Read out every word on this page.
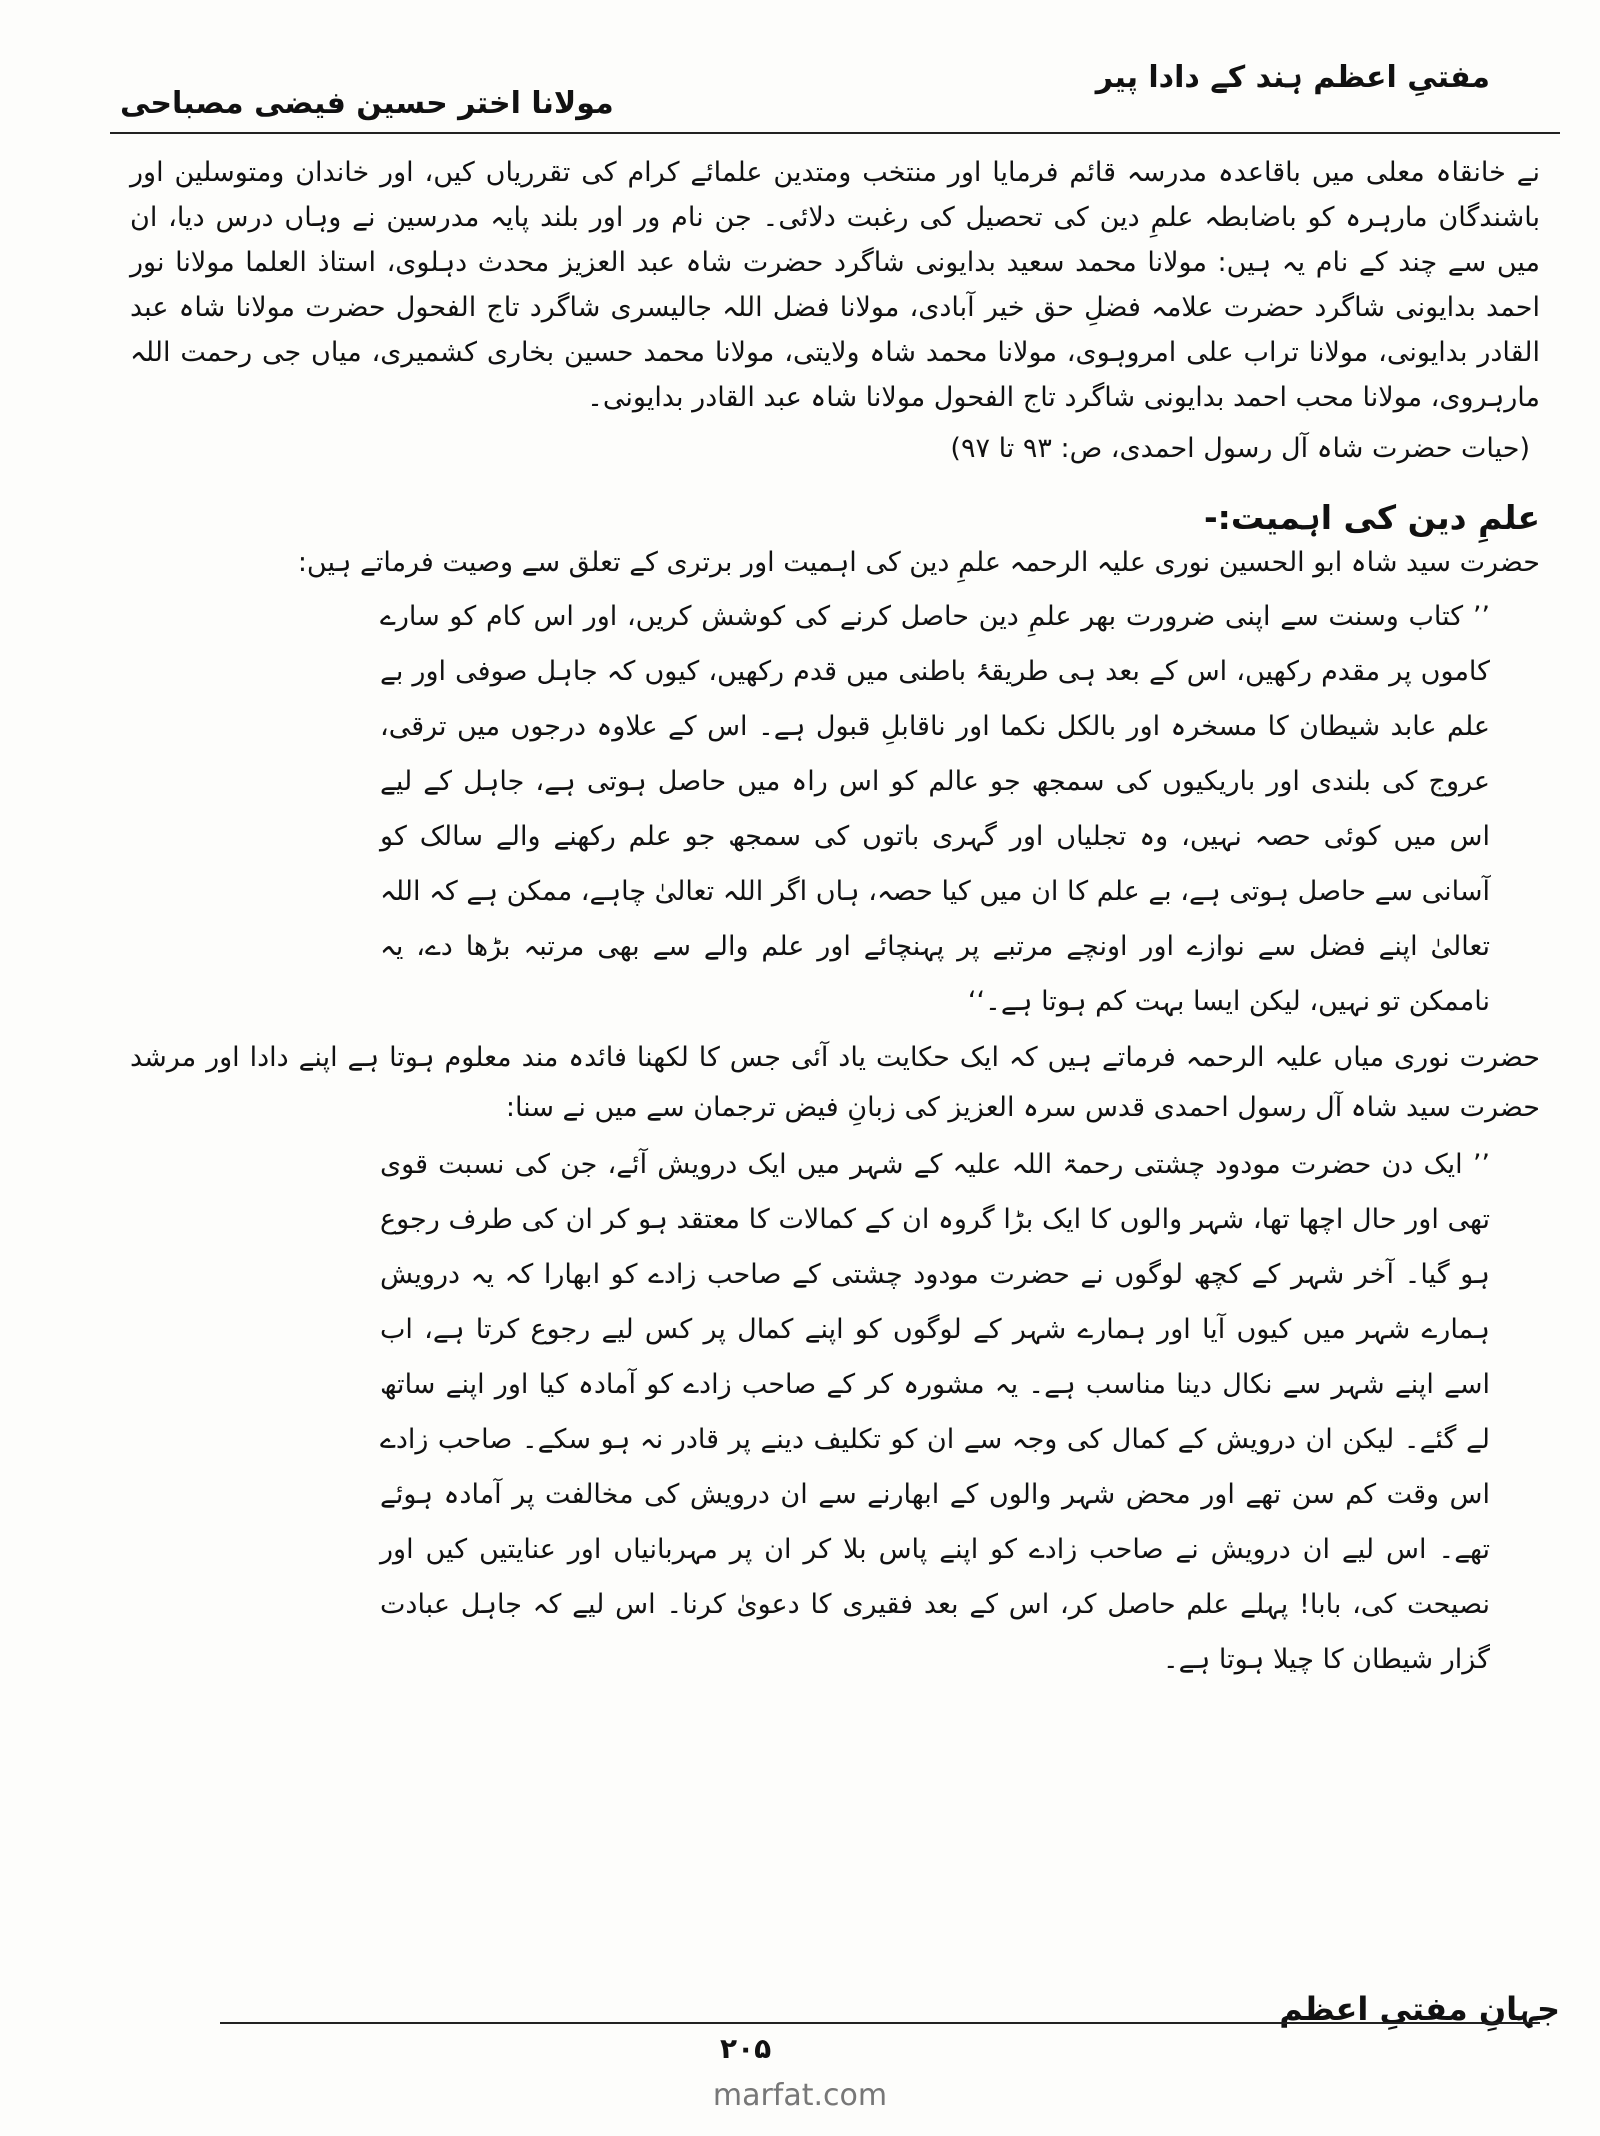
مفتیِ اعظم ہند کے دادا پیر
مولانا اختر حسین فیضی مصباحی

نے خانقاہ معلی میں باقاعدہ مدرسہ قائم فرمایا اور منتخب ومتدین علمائے کرام کی تقرریاں کیں، اور خاندان ومتوسلین اور باشندگان مارہرہ کو باضابطہ علمِ دین کی تحصیل کی رغبت دلائی۔ جن نام ور اور بلند پایہ مدرسین نے وہاں درس دیا، ان میں سے چند کے نام یہ ہیں: مولانا محمد سعید بدایونی شاگرد حضرت شاہ عبد العزیز محدث دہلوی، استاذ العلما مولانا نور احمد بدایونی شاگرد حضرت علامہ فضلِ حق خیر آبادی، مولانا فضل اللہ جالیسری شاگرد تاج الفحول حضرت مولانا شاہ عبد القادر بدایونی، مولانا تراب علی امروہوی، مولانا محمد شاہ ولایتی، مولانا محمد حسین بخاری کشمیری، میاں جی رحمت اللہ مارہروی، مولانا محب احمد بدایونی شاگرد تاج الفحول مولانا شاہ عبد القادر بدایونی۔

(حیات حضرت شاہ آل رسول احمدی، ص: ۹۳ تا ۹۷)

علمِ دین کی اہمیت:-

حضرت سید شاہ ابو الحسین نوری علیہ الرحمہ علمِ دین کی اہمیت اور برتری کے تعلق سے وصیت فرماتے ہیں:

’’ کتاب وسنت سے اپنی ضرورت بھر علمِ دین حاصل کرنے کی کوشش کریں، اور اس کام کو سارے کاموں پر مقدم رکھیں، اس کے بعد ہی طریقۂ باطنی میں قدم رکھیں، کیوں کہ جاہل صوفی اور بے علم عابد شیطان کا مسخرہ اور بالکل نکما اور ناقابلِ قبول ہے۔ اس کے علاوہ درجوں میں ترقی، عروج کی بلندی اور باریکیوں کی سمجھ جو عالم کو اس راہ میں حاصل ہوتی ہے، جاہل کے لیے اس میں کوئی حصہ نہیں، وہ تجلیاں اور گہری باتوں کی سمجھ جو علم رکھنے والے سالک کو آسانی سے حاصل ہوتی ہے، بے علم کا ان میں کیا حصہ، ہاں اگر اللہ تعالیٰ چاہے، ممکن ہے کہ اللہ تعالیٰ اپنے فضل سے نوازے اور اونچے مرتبے پر پہنچائے اور علم والے سے بھی مرتبہ بڑھا دے، یہ ناممکن تو نہیں، لیکن ایسا بہت کم ہوتا ہے۔‘‘

حضرت نوری میاں علیہ الرحمہ فرماتے ہیں کہ ایک حکایت یاد آئی جس کا لکھنا فائدہ مند معلوم ہوتا ہے اپنے دادا اور مرشد حضرت سید شاہ آل رسول احمدی قدس سرہ العزیز کی زبانِ فیض ترجمان سے میں نے سنا:

’’ ایک دن حضرت مودود چشتی رحمۃ اللہ علیہ کے شہر میں ایک درویش آئے، جن کی نسبت قوی تھی اور حال اچھا تھا، شہر والوں کا ایک بڑا گروہ ان کے کمالات کا معتقد ہو کر ان کی طرف رجوع ہو گیا۔ آخر شہر کے کچھ لوگوں نے حضرت مودود چشتی کے صاحب زادے کو ابھارا کہ یہ درویش ہمارے شہر میں کیوں آیا اور ہمارے شہر کے لوگوں کو اپنے کمال پر کس لیے رجوع کرتا ہے، اب اسے اپنے شہر سے نکال دینا مناسب ہے۔ یہ مشورہ کر کے صاحب زادے کو آمادہ کیا اور اپنے ساتھ لے گئے۔ لیکن ان درویش کے کمال کی وجہ سے ان کو تکلیف دینے پر قادر نہ ہو سکے۔ صاحب زادے اس وقت کم سن تھے اور محض شہر والوں کے ابھارنے سے ان درویش کی مخالفت پر آمادہ ہوئے تھے۔ اس لیے ان درویش نے صاحب زادے کو اپنے پاس بلا کر ان پر مہربانیاں اور عنایتیں کیں اور نصیحت کی، بابا! پہلے علم حاصل کر، اس کے بعد فقیری کا دعویٰ کرنا۔ اس لیے کہ جاہل عبادت گزار شیطان کا چیلا ہوتا ہے۔

جہانِ مفتیِ اعظم
۲۰۵
marfat.com
